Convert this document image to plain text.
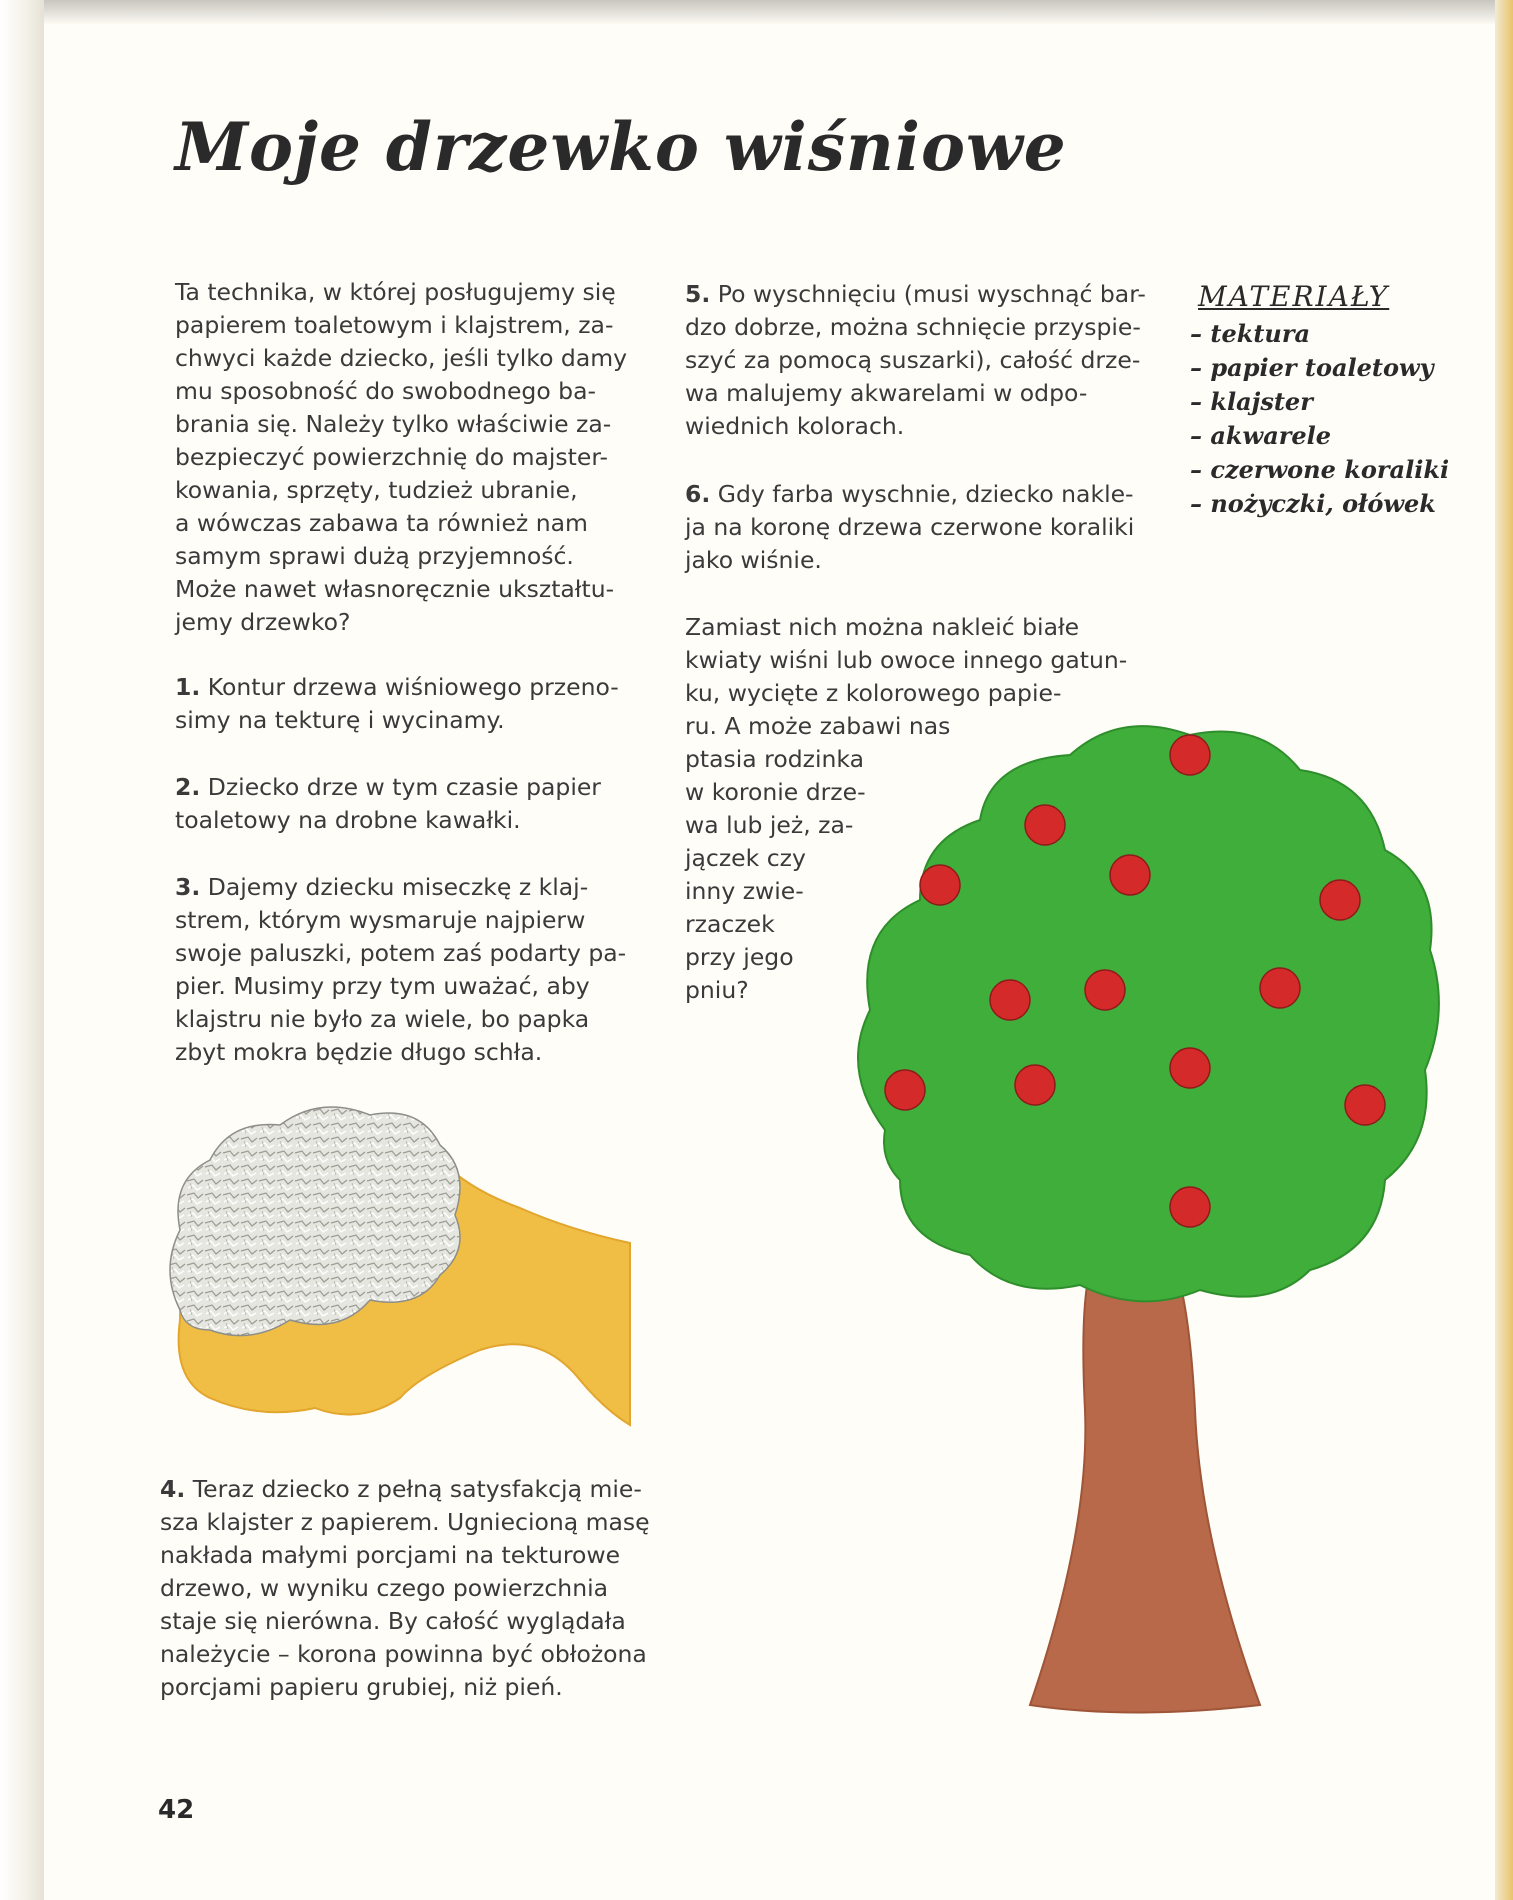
Moje drzewko wiśniowe

Ta technika, w której posługujemy się
papierem toaletowym i klajstrem, za-
chwyci każde dziecko, jeśli tylko damy
mu sposobność do swobodnego ba-
brania się. Należy tylko właściwie za-
bezpieczyć powierzchnię do majster-
kowania, sprzęty, tudzież ubranie,
a wówczas zabawa ta również nam
samym sprawi dużą przyjemność.
Może nawet własnoręcznie ukształtu-
jemy drzewko?

1. Kontur drzewa wiśniowego przeno-
simy na tekturę i wycinamy.

2. Dziecko drze w tym czasie papier
toaletowy na drobne kawałki.

3. Dajemy dziecku miseczkę z klaj-
strem, którym wysmaruje najpierw
swoje paluszki, potem zaś podarty pa-
pier. Musimy przy tym uważać, aby
klajstru nie było za wiele, bo papka
zbyt mokra będzie długo schła.

4. Teraz dziecko z pełną satysfakcją mie-
sza klajster z papierem. Ugniecioną masę
nakłada małymi porcjami na tekturowe
drzewo, w wyniku czego powierzchnia
staje się nierówna. By całość wyglądała
należycie – korona powinna być obłożona
porcjami papieru grubiej, niż pień.

5. Po wyschnięciu (musi wyschnąć bar-
dzo dobrze, można schnięcie przyspie-
szyć za pomocą suszarki), całość drze-
wa malujemy akwarelami w odpo-
wiednich kolorach.

6. Gdy farba wyschnie, dziecko nakle-
ja na koronę drzewa czerwone koraliki
jako wiśnie.

Zamiast nich można nakleić białe
kwiaty wiśni lub owoce innego gatun-
ku, wycięte z kolorowego papie-
ru. A może zabawi nas
ptasia rodzinka
w koronie drze-
wa lub jeż, za-
jączek czy
inny zwie-
rzaczek
przy jego
pniu?

MATERIAŁY
– tektura
– papier toaletowy
– klajster
– akwarele
– czerwone koraliki
– nożyczki, ołówek
42
